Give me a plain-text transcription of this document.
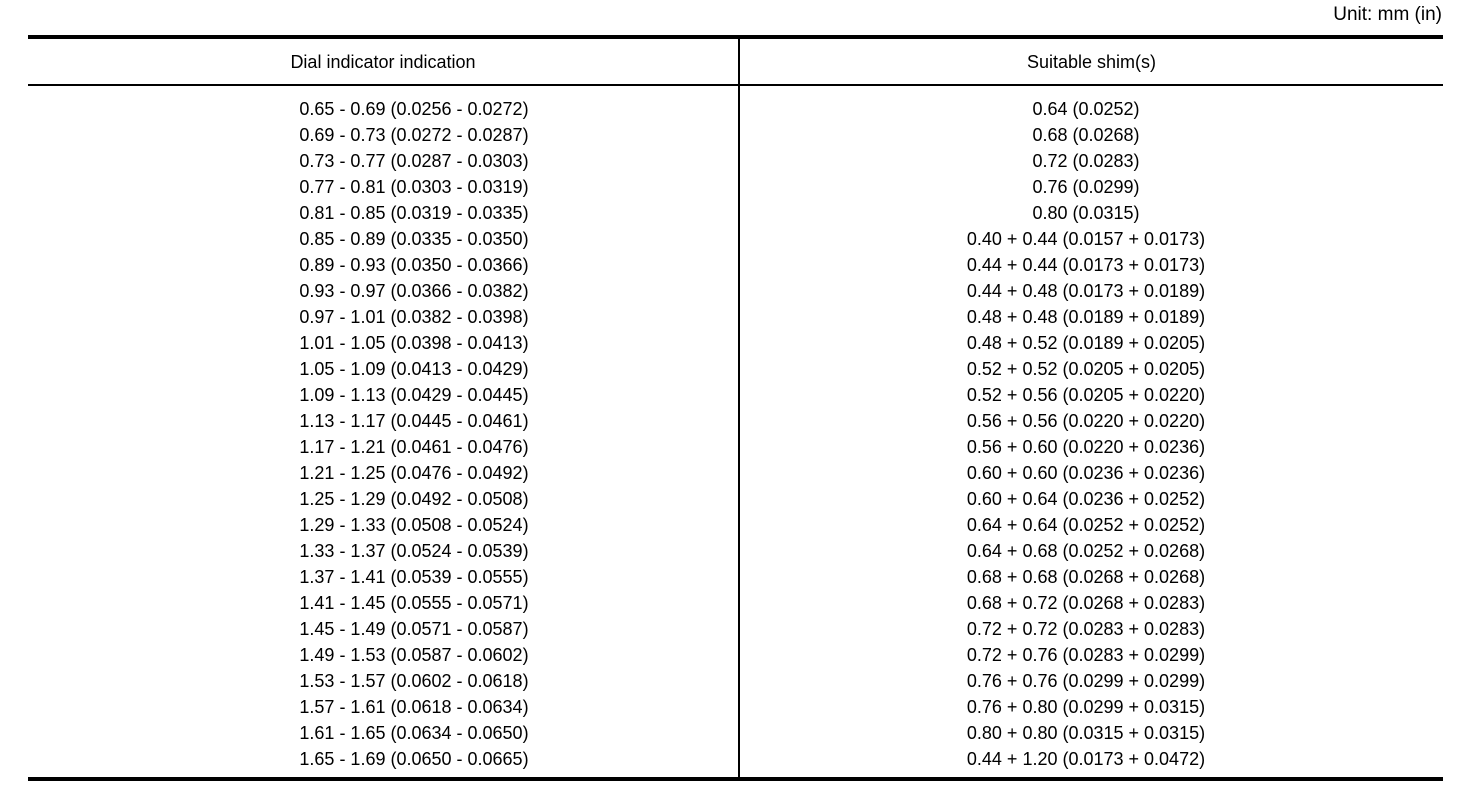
Unit: mm (in)
Dial indicator indication	Suitable shim(s)
0.65 - 0.69 (0.0256 - 0.0272)	0.64 (0.0252)
0.69 - 0.73 (0.0272 - 0.0287)	0.68 (0.0268)
0.73 - 0.77 (0.0287 - 0.0303)	0.72 (0.0283)
0.77 - 0.81 (0.0303 - 0.0319)	0.76 (0.0299)
0.81 - 0.85 (0.0319 - 0.0335)	0.80 (0.0315)
0.85 - 0.89 (0.0335 - 0.0350)	0.40 + 0.44 (0.0157 + 0.0173)
0.89 - 0.93 (0.0350 - 0.0366)	0.44 + 0.44 (0.0173 + 0.0173)
0.93 - 0.97 (0.0366 - 0.0382)	0.44 + 0.48 (0.0173 + 0.0189)
0.97 - 1.01 (0.0382 - 0.0398)	0.48 + 0.48 (0.0189 + 0.0189)
1.01 - 1.05 (0.0398 - 0.0413)	0.48 + 0.52 (0.0189 + 0.0205)
1.05 - 1.09 (0.0413 - 0.0429)	0.52 + 0.52 (0.0205 + 0.0205)
1.09 - 1.13 (0.0429 - 0.0445)	0.52 + 0.56 (0.0205 + 0.0220)
1.13 - 1.17 (0.0445 - 0.0461)	0.56 + 0.56 (0.0220 + 0.0220)
1.17 - 1.21 (0.0461 - 0.0476)	0.56 + 0.60 (0.0220 + 0.0236)
1.21 - 1.25 (0.0476 - 0.0492)	0.60 + 0.60 (0.0236 + 0.0236)
1.25 - 1.29 (0.0492 - 0.0508)	0.60 + 0.64 (0.0236 + 0.0252)
1.29 - 1.33 (0.0508 - 0.0524)	0.64 + 0.64 (0.0252 + 0.0252)
1.33 - 1.37 (0.0524 - 0.0539)	0.64 + 0.68 (0.0252 + 0.0268)
1.37 - 1.41 (0.0539 - 0.0555)	0.68 + 0.68 (0.0268 + 0.0268)
1.41 - 1.45 (0.0555 - 0.0571)	0.68 + 0.72 (0.0268 + 0.0283)
1.45 - 1.49 (0.0571 - 0.0587)	0.72 + 0.72 (0.0283 + 0.0283)
1.49 - 1.53 (0.0587 - 0.0602)	0.72 + 0.76 (0.0283 + 0.0299)
1.53 - 1.57 (0.0602 - 0.0618)	0.76 + 0.76 (0.0299 + 0.0299)
1.57 - 1.61 (0.0618 - 0.0634)	0.76 + 0.80 (0.0299 + 0.0315)
1.61 - 1.65 (0.0634 - 0.0650)	0.80 + 0.80 (0.0315 + 0.0315)
1.65 - 1.69 (0.0650 - 0.0665)	0.44 + 1.20 (0.0173 + 0.0472)
